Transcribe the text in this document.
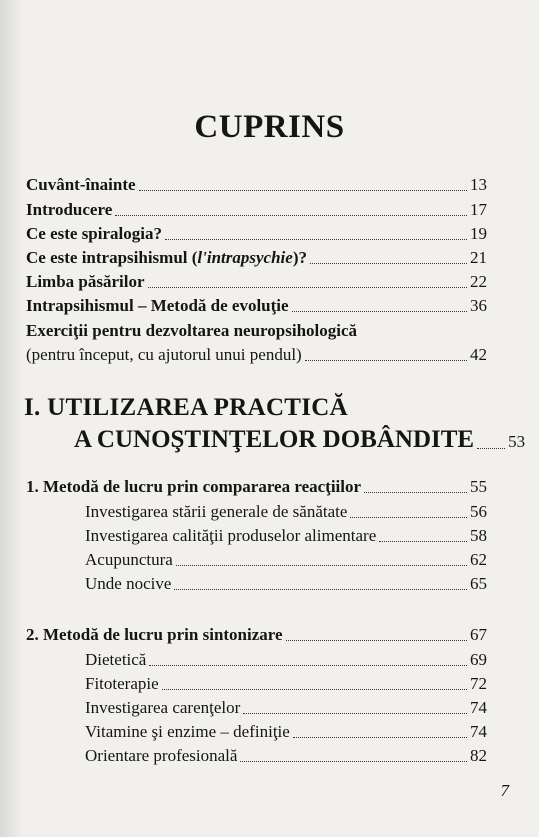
CUPRINS
Cuvânt-înainte	13
Introducere	17
Ce este spiralogia?	19
Ce este intrapsihismul (l'intrapsychie)?	21
Limba păsărilor	22
Intrapsihismul – Metodă de evoluţie	36
Exerciţii pentru dezvoltarea neuropsihologică
(pentru început, cu ajutorul unui pendul)	42
I. UTILIZAREA PRACTICĂ
A CUNOŞTINŢELOR DOBÂNDITE 53
1. Metodă de lucru prin compararea reacţiilor	55
Investigarea stării generale de sănătate	56
Investigarea calităţii produselor alimentare	58
Acupunctura	62
Unde nocive	65
2. Metodă de lucru prin sintonizare	67
Dietetică	69
Fitoterapie	72
Investigarea carenţelor	74
Vitamine şi enzime – definiţie	74
Orientare profesională	82
7
